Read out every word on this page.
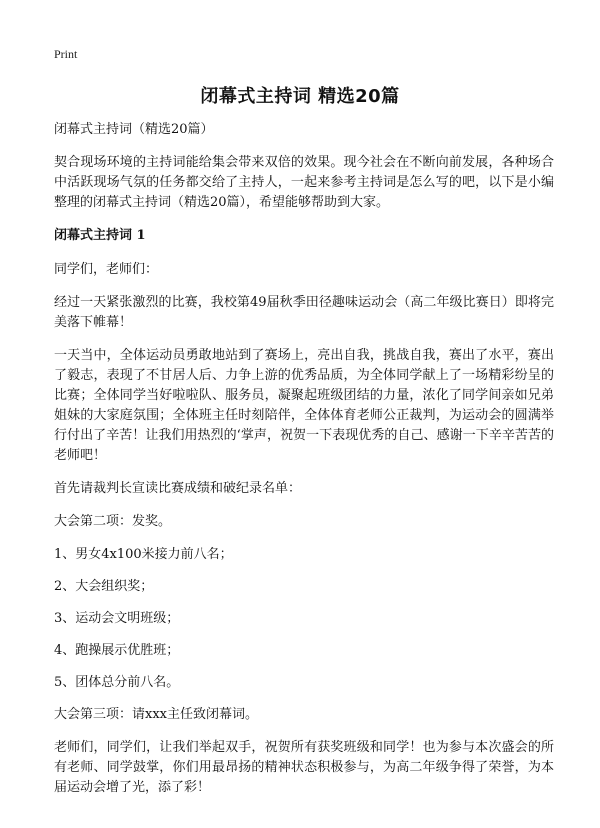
Print
闭幕式主持词 精选20篇

闭幕式主持词（精选20篇）

契合现场环境的主持词能给集会带来双倍的效果。现今社会在不断向前发展，各种场合中活跃现场气氛的任务都交给了主持人，一起来参考主持词是怎么写的吧，以下是小编整理的闭幕式主持词（精选20篇），希望能够帮助到大家。

闭幕式主持词 1

同学们，老师们：

经过一天紧张激烈的比赛，我校第49届秋季田径趣味运动会（高二年级比赛日）即将完美落下帷幕！

一天当中，全体运动员勇敢地站到了赛场上，亮出自我，挑战自我，赛出了水平，赛出了毅志，表现了不甘居人后、力争上游的优秀品质，为全体同学献上了一场精彩纷呈的比赛；全体同学当好啦啦队、服务员，凝聚起班级团结的力量，浓化了同学间亲如兄弟姐妹的大家庭氛围；全体班主任时刻陪伴，全体体育老师公正裁判，为运动会的圆满举行付出了辛苦！让我们用热烈的‘掌声，祝贺一下表现优秀的自己、感谢一下辛辛苦苦的老师吧！

首先请裁判长宣读比赛成绩和破纪录名单：

大会第二项：发奖。

1、男女4x100米接力前八名；

2、大会组织奖；

3、运动会文明班级；

4、跑操展示优胜班；

5、团体总分前八名。

大会第三项：请xxx主任致闭幕词。

老师们，同学们，让我们举起双手，祝贺所有获奖班级和同学！也为参与本次盛会的所有老师、同学鼓掌，你们用最昂扬的精神状态积极参与，为高二年级争得了荣誉，为本届运动会增了光，添了彩！
